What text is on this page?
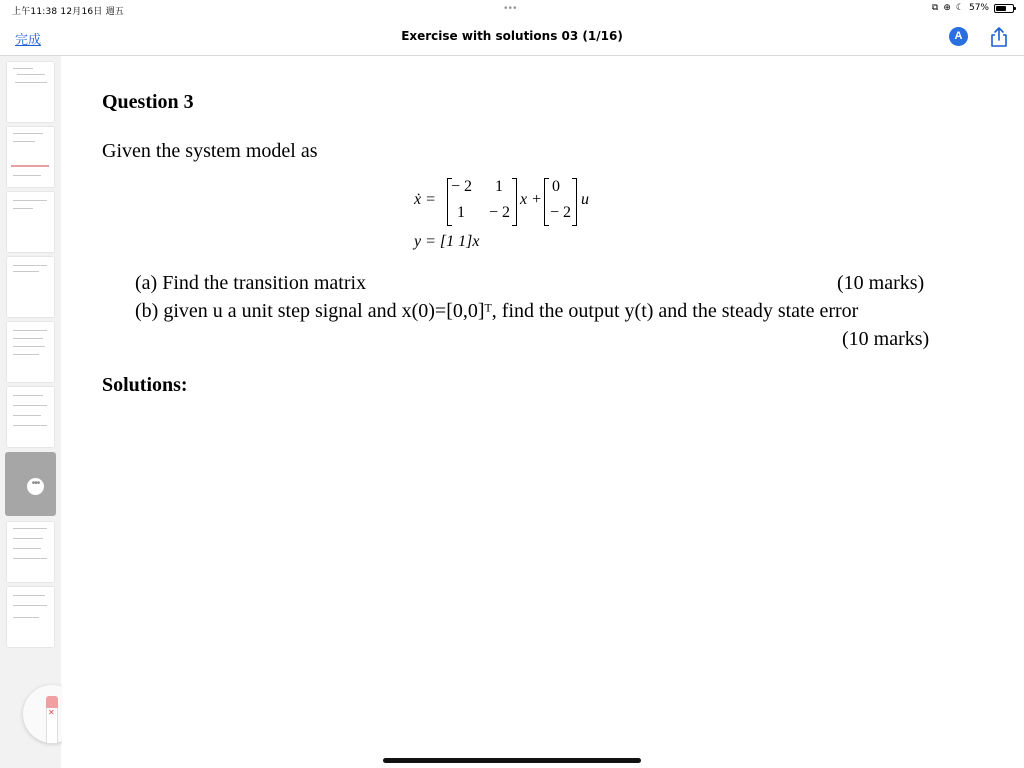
上午11:38 12月16日 週五	•••	⧉ ⊕ ☾ 57%
完成	Exercise with solutions 03 (1/16)	A
•••
✕
Question 3
Given the system model as
ẋ =
− 2 1
1 − 2
x +
0
− 2
u
y = [1 1]x
(a) Find the transition matrix	(10 marks)
(b) given u a unit step signal and x(0)=[0,0]ᵀ, find the output y(t) and the steady state error
(10 marks)
Solutions:
